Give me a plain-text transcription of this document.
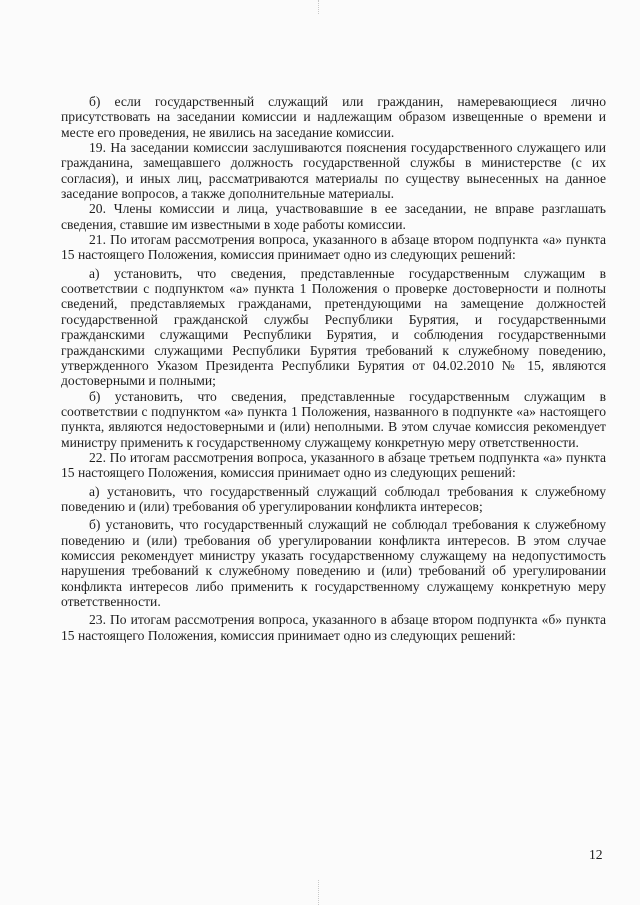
б) если государственный служащий или гражданин, намеревающиеся лично присутствовать на заседании комиссии и надлежащим образом извещенные о времени и месте его проведения, не явились на заседание комиссии.

19. На заседании комиссии заслушиваются пояснения государственного служащего или гражданина, замещавшего должность государственной службы в министерстве (с их согласия), и иных лиц, рассматриваются материалы по существу вынесенных на данное заседание вопросов, а также дополнительные материалы.

20. Члены комиссии и лица, участвовавшие в ее заседании, не вправе разглашать сведения, ставшие им известными в ходе работы комиссии.

21. По итогам рассмотрения вопроса, указанного в абзаце втором подпункта «а» пункта 15 настоящего Положения, комиссия принимает одно из следующих решений:

а) установить, что сведения, представленные государственным служащим в соответствии с подпунктом «а» пункта 1 Положения о проверке достоверности и полноты сведений, представляемых гражданами, претендующими на замещение должностей государственной гражданской службы Республики Бурятия, и государственными гражданскими служащими Республики Бурятия, и соблюдения государственными гражданскими служащими Республики Бурятия требований к служебному поведению, утвержденного Указом Президента Республики Бурятия от 04.02.2010 № 15, являются достоверными и полными;

б) установить, что сведения, представленные государственным служащим в соответствии с подпунктом «а» пункта 1 Положения, названного в подпункте «а» настоящего пункта, являются недостоверными и (или) неполными. В этом случае комиссия рекомендует министру применить к государственному служащему конкретную меру ответственности.

22. По итогам рассмотрения вопроса, указанного в абзаце третьем подпункта «а» пункта 15 настоящего Положения, комиссия принимает одно из следующих решений:

а) установить, что государственный служащий соблюдал требования к служебному поведению и (или) требования об урегулировании конфликта интересов;

б) установить, что государственный служащий не соблюдал требования к служебному поведению и (или) требования об урегулировании конфликта интересов. В этом случае комиссия рекомендует министру указать государственному служащему на недопустимость нарушения требований к служебному поведению и (или) требований об урегулировании конфликта интересов либо применить к государственному служащему конкретную меру ответственности.

23. По итогам рассмотрения вопроса, указанного в абзаце втором подпункта «б» пункта 15 настоящего Положения, комиссия принимает одно из следующих решений:

12
